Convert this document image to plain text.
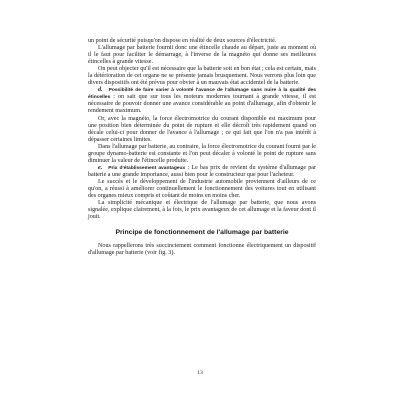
un point de sécurité puisqu'on dispose en réalité de deux sources d'électricité.

L'allumage par batterie fournit donc une étincelle chaude au départ, juste au moment où il le faut pour faciliter le démarrage, à l'inverse de la magnéto qui donne ses meilleures étincelles à grande vitesse.

On peut objecter qu'il est nécessaire que la batterie soit en bon état ; cela est certain, mais la détérioration de cet organe ne se présente jamais brusquement. Nous verrons plus loin que divers dispositifs ont été prévus pour obvier à un mauvais état accidentel de la batterie.

d. Possibilité de faire varier à volonté l'avance de l'allumage sans nuire à la qualité des étincelles : on sait que sur tous les moteurs modernes tournant à grande vitesse, il est nécessaire de pouvoir donner une avance considérable au point d'allumage, afin d'obtenir le rendement maximum.

Or, avec la magnéto, la force électromotrice du courant disponible est maximum pour une position bien déterminée du point de rupture et elle décroît très rapidement quand on décale celui-ci pour donner de l'avance à l'allumage ; ce qui fait que l'on n'a pas intérêt à dépasser certaines limites.

Dans l'allumage par batterie, au contraire, la force électromotrice du courant fourni par le groupe dynamo-batterie est constante et l'on peut décaler à volonté le point de rupture sans diminuer la valeur de l'étincelle produite.

e. Prix d'établissement avantageux : Le bas prix de revient du système d'allumage par batterie a une grande importance, aussi bien pour le constructeur que pour l'acheteur.

Le succès et le développement de l'industrie automobile proviennent d'ailleurs de ce qu'on, a réussi à améliorer continuellement le fonctionnement des voitures tout en utilisant des organes mieux compris et coûtant de moins en moins cher.

La simplicité mécanique et électrique de l'allumage par batterie, que nous avons signalée, explique clairement, à la fois, le prix avantageux de cet allumage et la faveur dont il jouit.

Principe de fonctionnement de l'allumage par batterie

Nous rappellerons très succinctement comment fonctionne électriquement un dispositif d'allumage par batterie (voir fig. 3).

13
